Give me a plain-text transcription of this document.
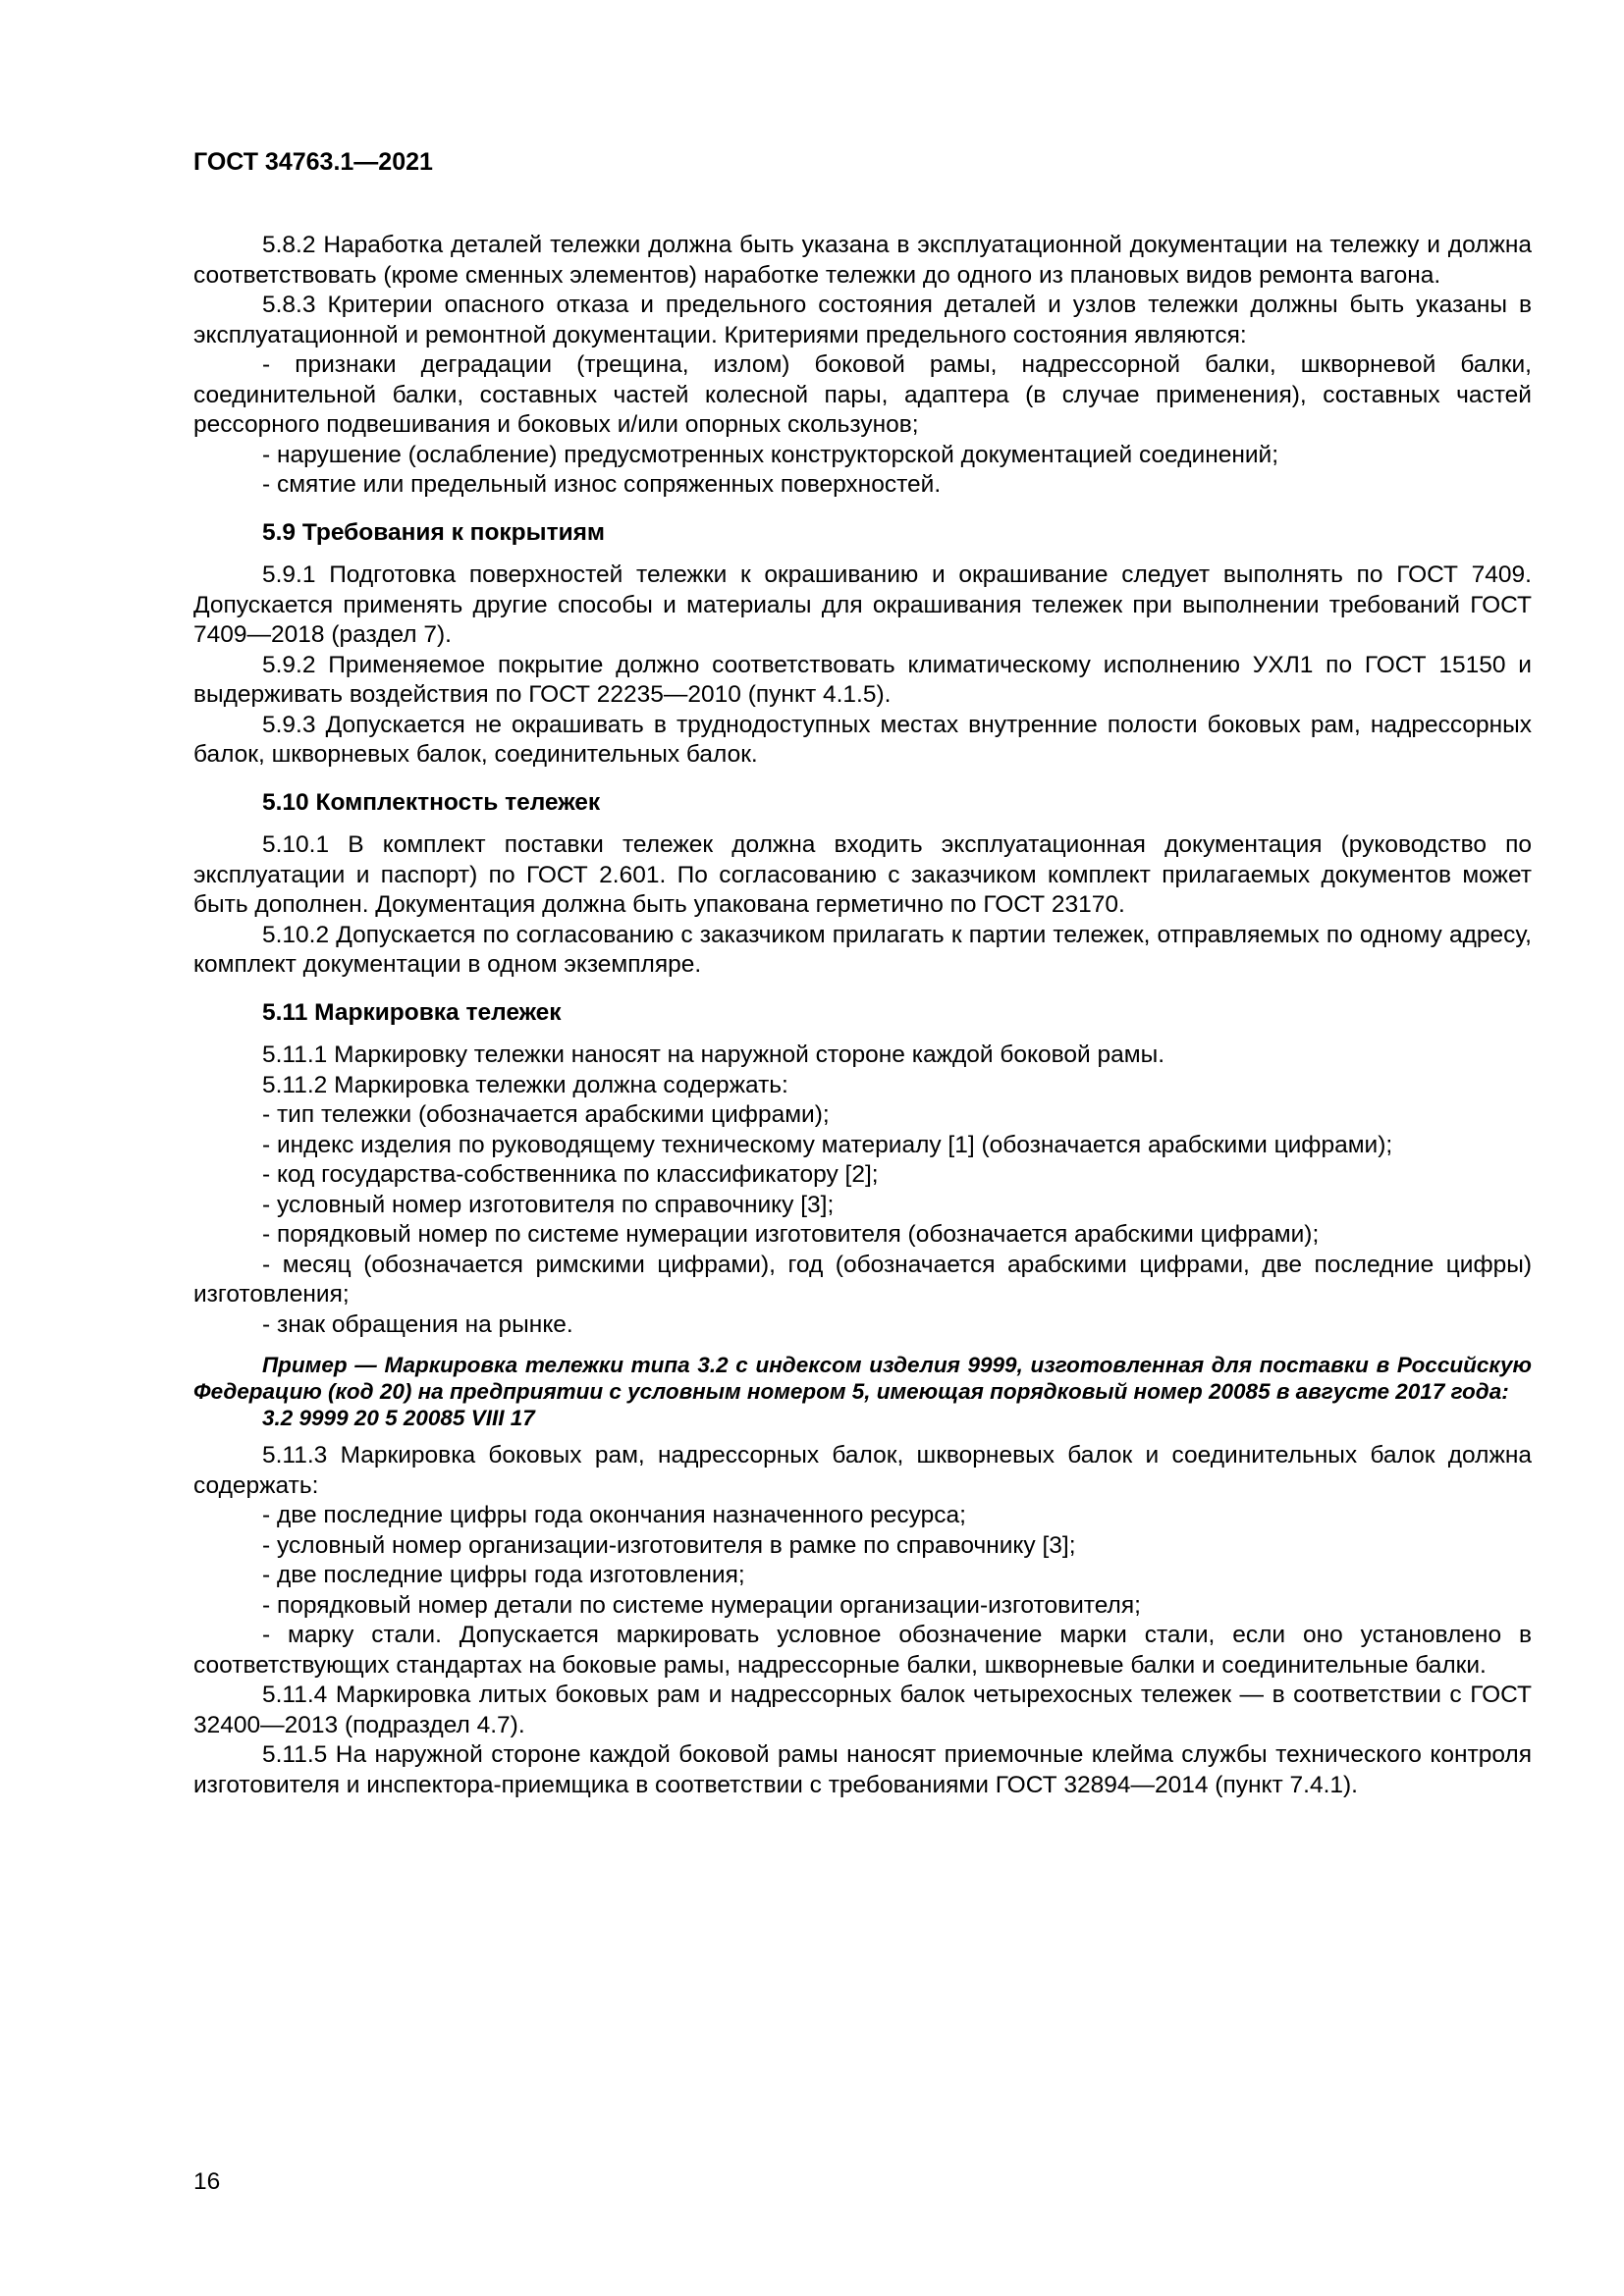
ГОСТ 34763.1—2021

5.8.2 Наработка деталей тележки должна быть указана в эксплуатационной документации на тележку и должна соответствовать (кроме сменных элементов) наработке тележки до одного из плановых видов ремонта вагона.

5.8.3 Критерии опасного отказа и предельного состояния деталей и узлов тележки должны быть указаны в эксплуатационной и ремонтной документации. Критериями предельного состояния являются:

- признаки деградации (трещина, излом) боковой рамы, надрессорной балки, шкворневой балки, соединительной балки, составных частей колесной пары, адаптера (в случае применения), составных частей рессорного подвешивания и боковых и/или опорных скользунов;

- нарушение (ослабление) предусмотренных конструкторской документацией соединений;

- смятие или предельный износ сопряженных поверхностей.

5.9 Требования к покрытиям

5.9.1 Подготовка поверхностей тележки к окрашиванию и окрашивание следует выполнять по ГОСТ 7409. Допускается применять другие способы и материалы для окрашивания тележек при выполнении требований ГОСТ 7409—2018 (раздел 7).

5.9.2 Применяемое покрытие должно соответствовать климатическому исполнению УХЛ1 по ГОСТ 15150 и выдерживать воздействия по ГОСТ 22235—2010 (пункт 4.1.5).

5.9.3 Допускается не окрашивать в труднодоступных местах внутренние полости боковых рам, надрессорных балок, шкворневых балок, соединительных балок.

5.10 Комплектность тележек

5.10.1 В комплект поставки тележек должна входить эксплуатационная документация (руководство по эксплуатации и паспорт) по ГОСТ 2.601. По согласованию с заказчиком комплект прилагаемых документов может быть дополнен. Документация должна быть упакована герметично по ГОСТ 23170.

5.10.2 Допускается по согласованию с заказчиком прилагать к партии тележек, отправляемых по одному адресу, комплект документации в одном экземпляре.

5.11 Маркировка тележек

5.11.1 Маркировку тележки наносят на наружной стороне каждой боковой рамы.

5.11.2 Маркировка тележки должна содержать:

- тип тележки (обозначается арабскими цифрами);

- индекс изделия по руководящему техническому материалу [1] (обозначается арабскими цифрами);

- код государства-собственника по классификатору [2];

- условный номер изготовителя по справочнику [3];

- порядковый номер по системе нумерации изготовителя (обозначается арабскими цифрами);

- месяц (обозначается римскими цифрами), год (обозначается арабскими цифрами, две последние цифры) изготовления;

- знак обращения на рынке.

Пример — Маркировка тележки типа 3.2 с индексом изделия 9999, изготовленная для поставки в Российскую Федерацию (код 20) на предприятии с условным номером 5, имеющая порядковый номер 20085 в августе 2017 года:

3.2 9999 20 5 20085 VIII 17

5.11.3 Маркировка боковых рам, надрессорных балок, шкворневых балок и соединительных балок должна содержать:

- две последние цифры года окончания назначенного ресурса;

- условный номер организации-изготовителя в рамке по справочнику [3];

- две последние цифры года изготовления;

- порядковый номер детали по системе нумерации организации-изготовителя;

- марку стали. Допускается маркировать условное обозначение марки стали, если оно установлено в соответствующих стандартах на боковые рамы, надрессорные балки, шкворневые балки и соединительные балки.

5.11.4 Маркировка литых боковых рам и надрессорных балок четырехосных тележек — в соответствии с ГОСТ 32400—2013 (подраздел 4.7).

5.11.5 На наружной стороне каждой боковой рамы наносят приемочные клейма службы технического контроля изготовителя и инспектора-приемщика в соответствии с требованиями ГОСТ 32894—2014 (пункт 7.4.1).

16
